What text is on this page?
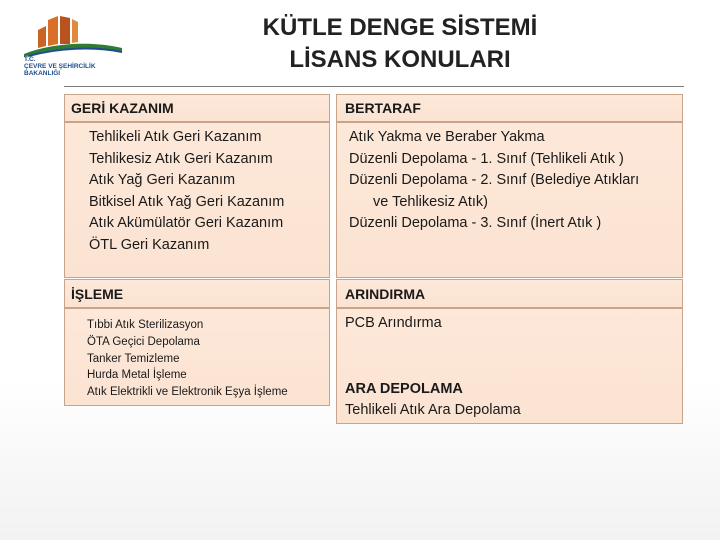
T.C.
ÇEVRE VE ŞEHİRCİLİK
BAKANLIĞI
KÜTLE DENGE SİSTEMİ
LİSANS KONULARI
GERİ KAZANIM
Tehlikeli Atık Geri Kazanım
Tehlikesiz Atık Geri Kazanım
Atık Yağ Geri Kazanım
Bitkisel Atık Yağ Geri Kazanım
Atık Akümülatör Geri Kazanım
ÖTL Geri Kazanım
BERTARAF
Atık Yakma ve Beraber Yakma
Düzenli Depolama - 1. Sınıf (Tehlikeli Atık )
Düzenli Depolama - 2. Sınıf (Belediye Atıkları
ve Tehlikesiz Atık)
Düzenli Depolama - 3. Sınıf (İnert Atık )
İŞLEME
Tıbbi Atık Sterilizasyon
ÖTA Geçici Depolama
Tanker Temizleme
Hurda Metal İşleme
Atık Elektrikli ve Elektronik Eşya İşleme
ARINDIRMA
PCB Arındırma
ARA DEPOLAMA
Tehlikeli Atık Ara Depolama
